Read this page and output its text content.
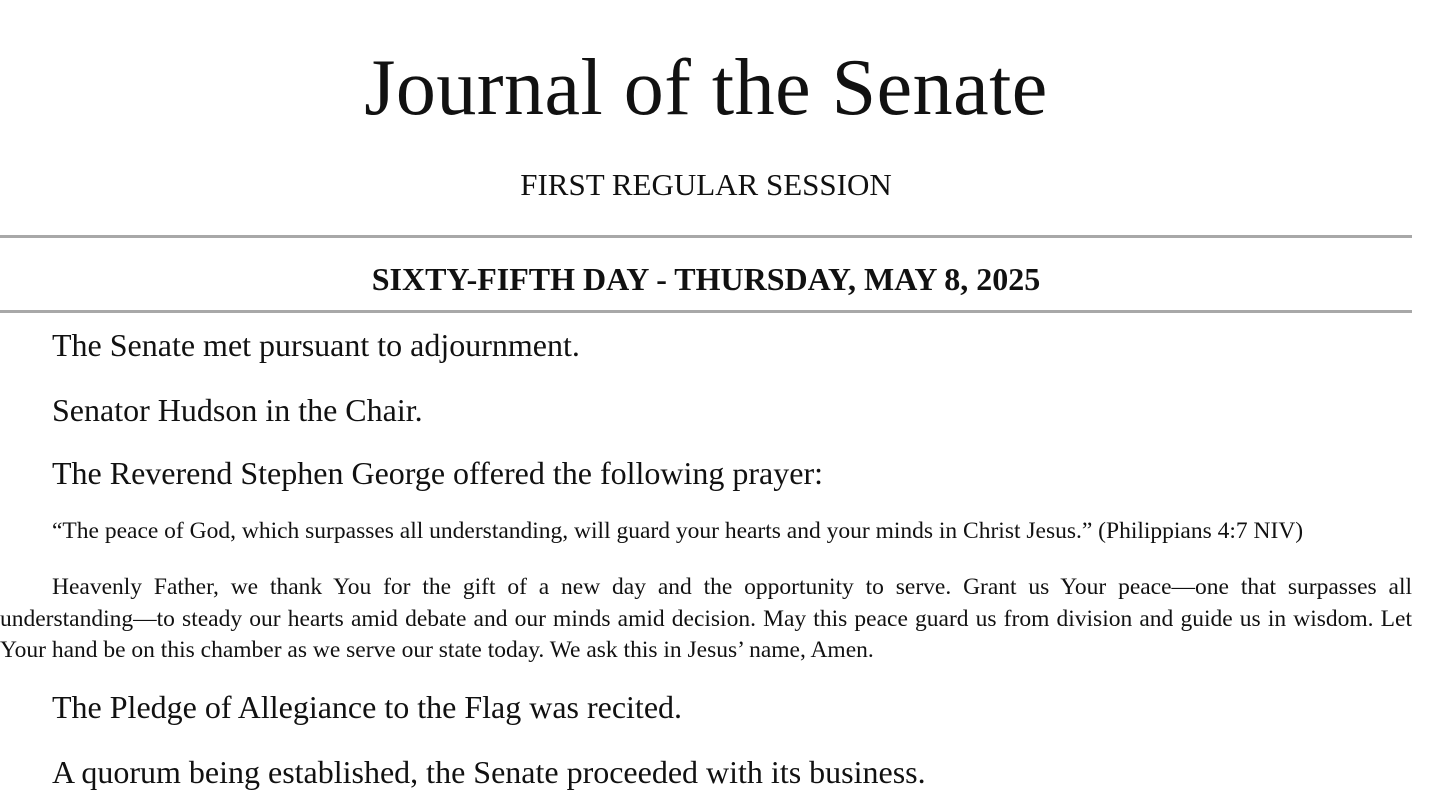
Journal of the Senate

FIRST REGULAR SESSION

SIXTY-FIFTH DAY - THURSDAY, MAY 8, 2025

The Senate met pursuant to adjournment.

Senator Hudson in the Chair.

The Reverend Stephen George offered the following prayer:

“The peace of God, which surpasses all understanding, will guard your hearts and your minds in Christ Jesus.” (Philippians 4:7 NIV)

Heavenly Father, we thank You for the gift of a new day and the opportunity to serve. Grant us Your peace—one that surpasses all understanding—to steady our hearts amid debate and our minds amid decision. May this peace guard us from division and guide us in wisdom. Let Your hand be on this chamber as we serve our state today. We ask this in Jesus’ name, Amen.

The Pledge of Allegiance to the Flag was recited.

A quorum being established, the Senate proceeded with its business.
